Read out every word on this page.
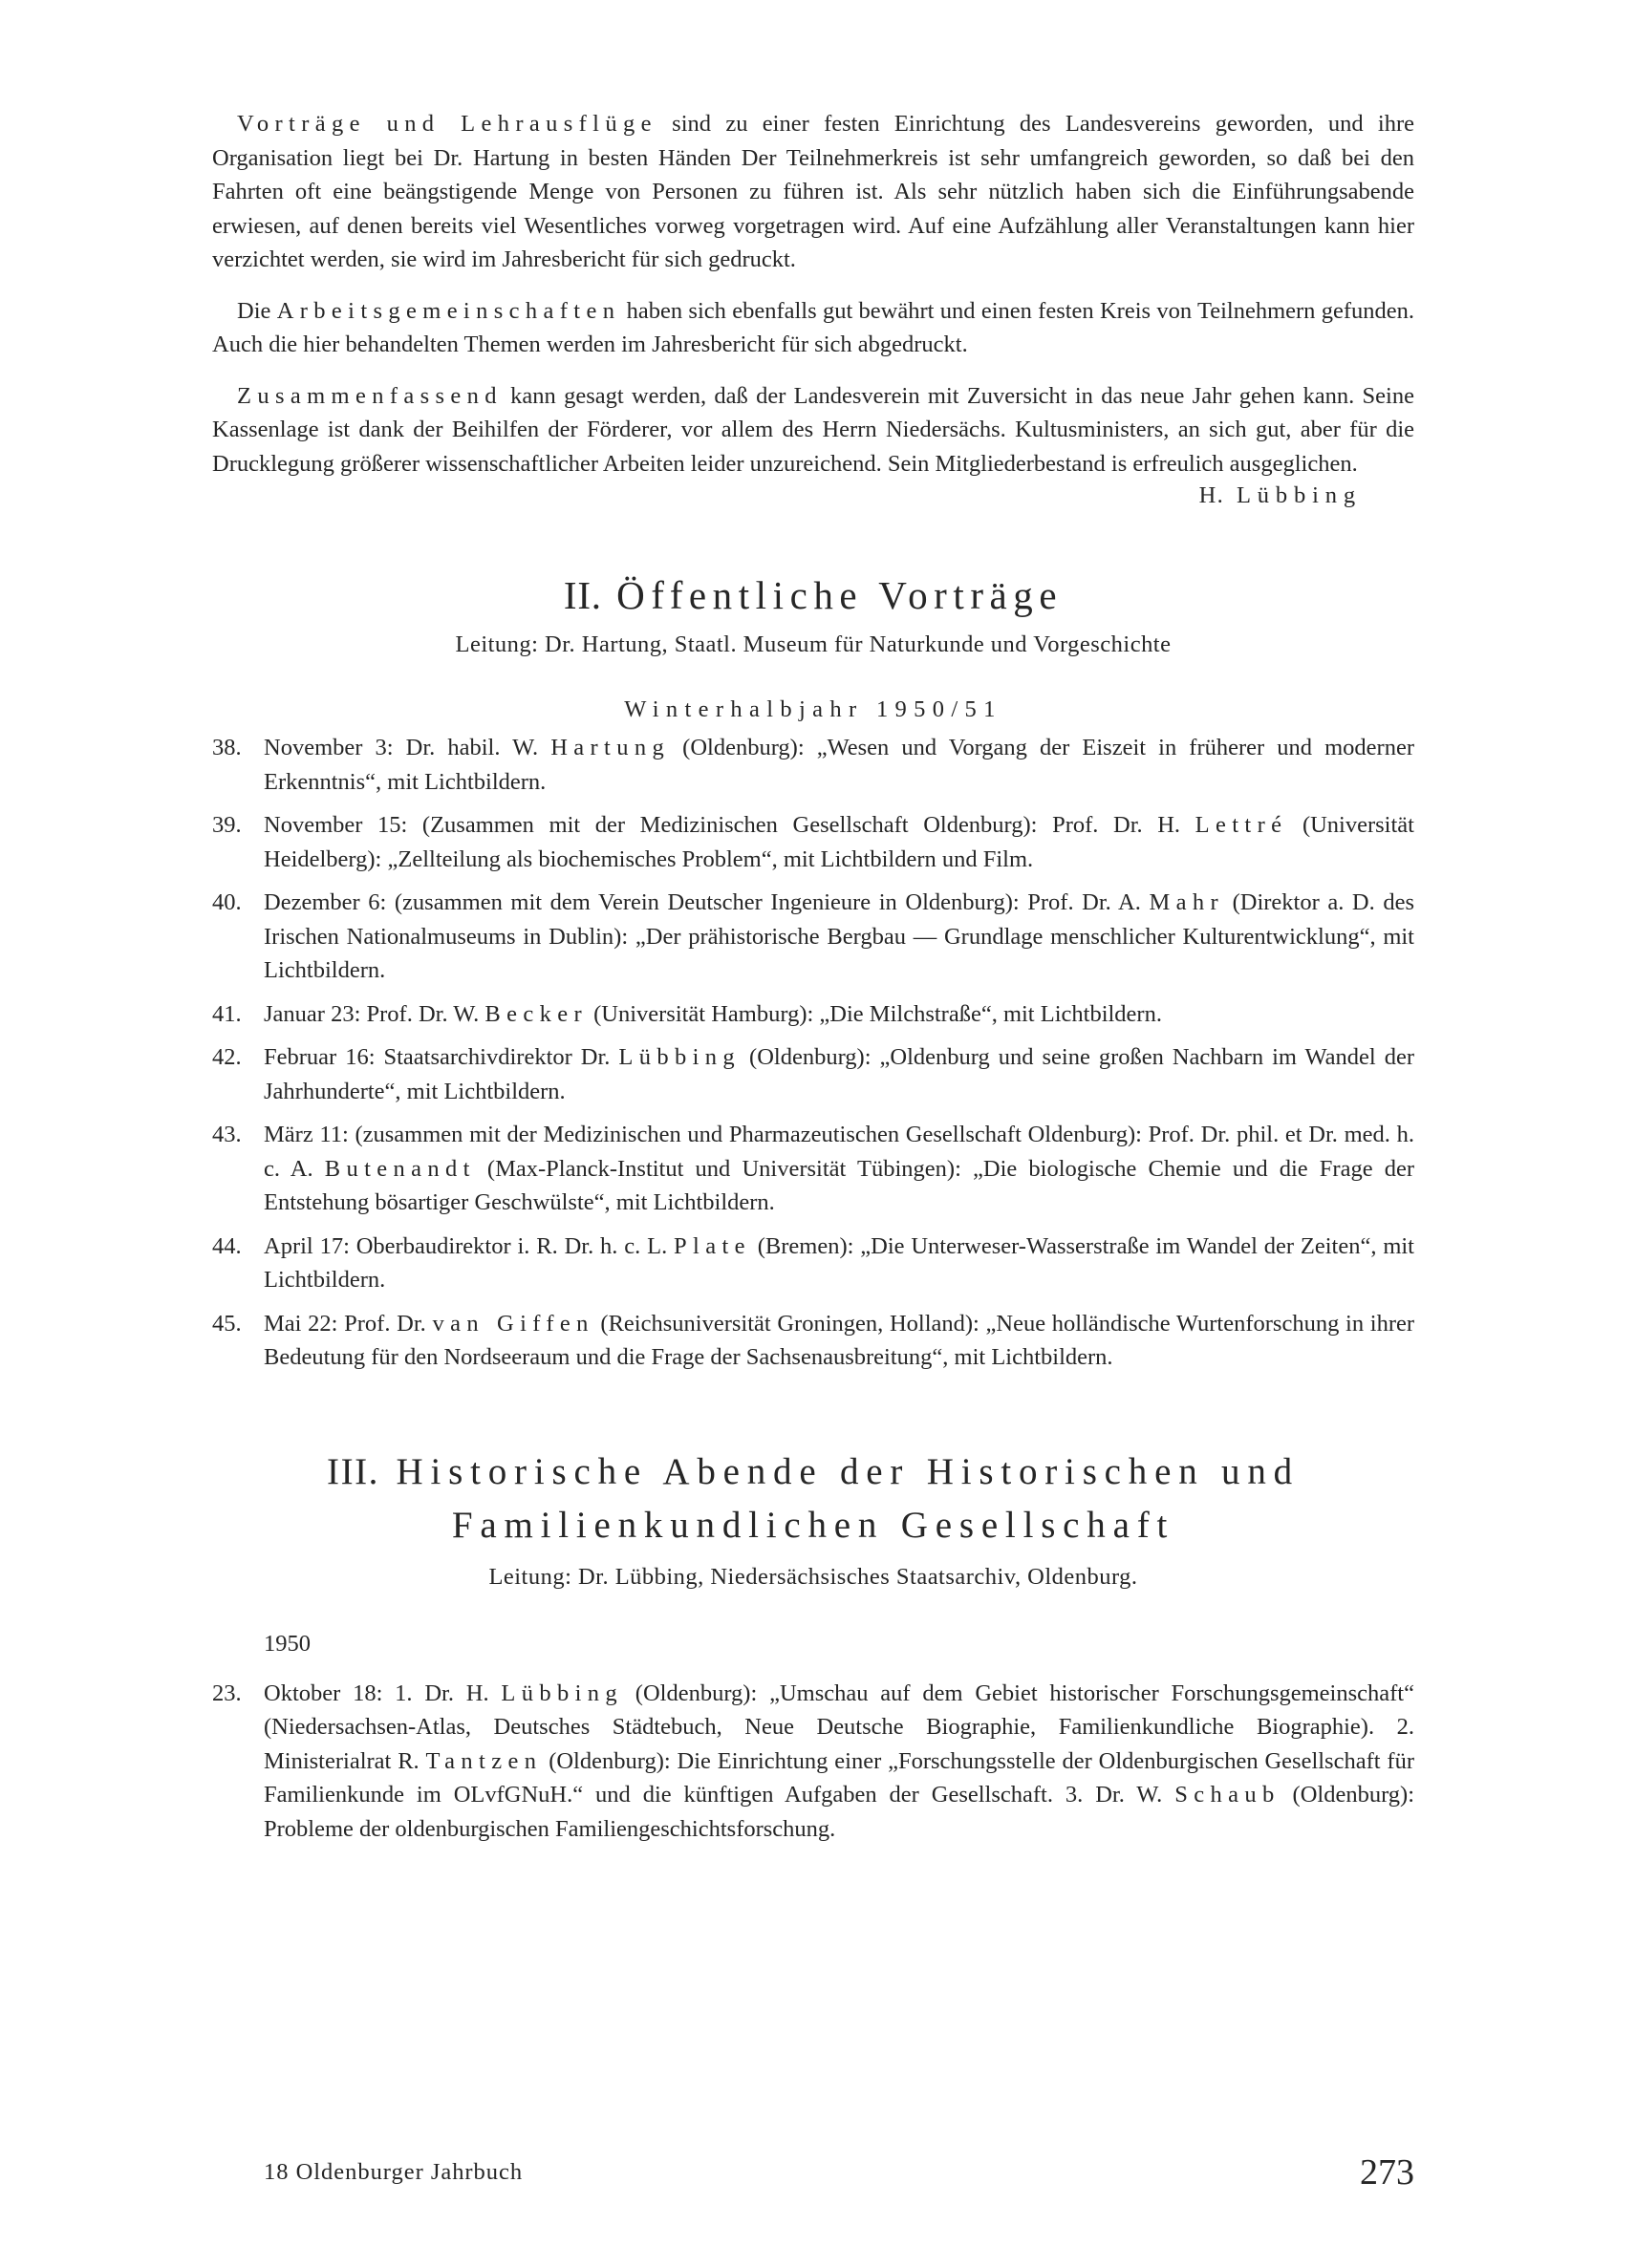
Vorträge und Lehrausflüge sind zu einer festen Einrichtung des Landesvereins geworden, und ihre Organisation liegt bei Dr. Hartung in besten Händen Der Teilnehmerkreis ist sehr umfangreich geworden, so daß bei den Fahrten oft eine beängstigende Menge von Personen zu führen ist. Als sehr nützlich haben sich die Einführungsabende erwiesen, auf denen bereits viel Wesentliches vorweg vorgetragen wird. Auf eine Aufzählung aller Veranstaltungen kann hier verzichtet werden, sie wird im Jahresbericht für sich gedruckt.

Die Arbeitsgemeinschaften haben sich ebenfalls gut bewährt und einen festen Kreis von Teilnehmern gefunden. Auch die hier behandelten Themen werden im Jahresbericht für sich abgedruckt.

Zusammenfassend kann gesagt werden, daß der Landesverein mit Zuversicht in das neue Jahr gehen kann. Seine Kassenlage ist dank der Beihilfen der Förderer, vor allem des Herrn Niedersächs. Kultusministers, an sich gut, aber für die Drucklegung größerer wissenschaftlicher Arbeiten leider unzureichend. Sein Mitgliederbestand is erfreulich ausgeglichen.

H. Lübbing

II. Öffentliche Vorträge

Leitung: Dr. Hartung, Staatl. Museum für Naturkunde und Vorgeschichte

Winterhalbjahr 1950/51

38. November 3: Dr. habil. W. Hartung (Oldenburg): „Wesen und Vorgang der Eiszeit in früherer und moderner Erkenntnis“, mit Lichtbildern.
39. November 15: (Zusammen mit der Medizinischen Gesellschaft Oldenburg): Prof. Dr. H. Lettré (Universität Heidelberg): „Zellteilung als biochemisches Problem“, mit Lichtbildern und Film.
40. Dezember 6: (zusammen mit dem Verein Deutscher Ingenieure in Oldenburg): Prof. Dr. A. Mahr (Direktor a. D. des Irischen Nationalmuseums in Dublin): „Der prähistorische Bergbau — Grundlage menschlicher Kulturentwicklung“, mit Lichtbildern.
41. Januar 23: Prof. Dr. W. Becker (Universität Hamburg): „Die Milchstraße“, mit Lichtbildern.
42. Februar 16: Staatsarchivdirektor Dr. Lübbing (Oldenburg): „Oldenburg und seine großen Nachbarn im Wandel der Jahrhunderte“, mit Lichtbildern.
43. März 11: (zusammen mit der Medizinischen und Pharmazeutischen Gesellschaft Oldenburg): Prof. Dr. phil. et Dr. med. h. c. A. Butenandt (Max-Planck-Institut und Universität Tübingen): „Die biologische Chemie und die Frage der Entstehung bösartiger Geschwülste“, mit Lichtbildern.
44. April 17: Oberbaudirektor i. R. Dr. h. c. L. Plate (Bremen): „Die Unterweser-Wasserstraße im Wandel der Zeiten“, mit Lichtbildern.
45. Mai 22: Prof. Dr. van Giffen (Reichsuniversität Groningen, Holland): „Neue holländische Wurtenforschung in ihrer Bedeutung für den Nordseeraum und die Frage der Sachsenausbreitung“, mit Lichtbildern.

III. Historische Abende der Historischen und
Familienkundlichen Gesellschaft

Leitung: Dr. Lübbing, Niedersächsisches Staatsarchiv, Oldenburg.

1950

23. Oktober 18: 1. Dr. H. Lübbing (Oldenburg): „Umschau auf dem Gebiet historischer Forschungsgemeinschaft“ (Niedersachsen-Atlas, Deutsches Städtebuch, Neue Deutsche Biographie, Familienkundliche Biographie). 2. Ministerialrat R. Tantzen (Oldenburg): Die Einrichtung einer „Forschungsstelle der Oldenburgischen Gesellschaft für Familienkunde im OLvfGNuH.“ und die künftigen Aufgaben der Gesellschaft. 3. Dr. W. Schaub (Oldenburg): Probleme der oldenburgischen Familiengeschichtsforschung.
18 Oldenburger Jahrbuch	273
